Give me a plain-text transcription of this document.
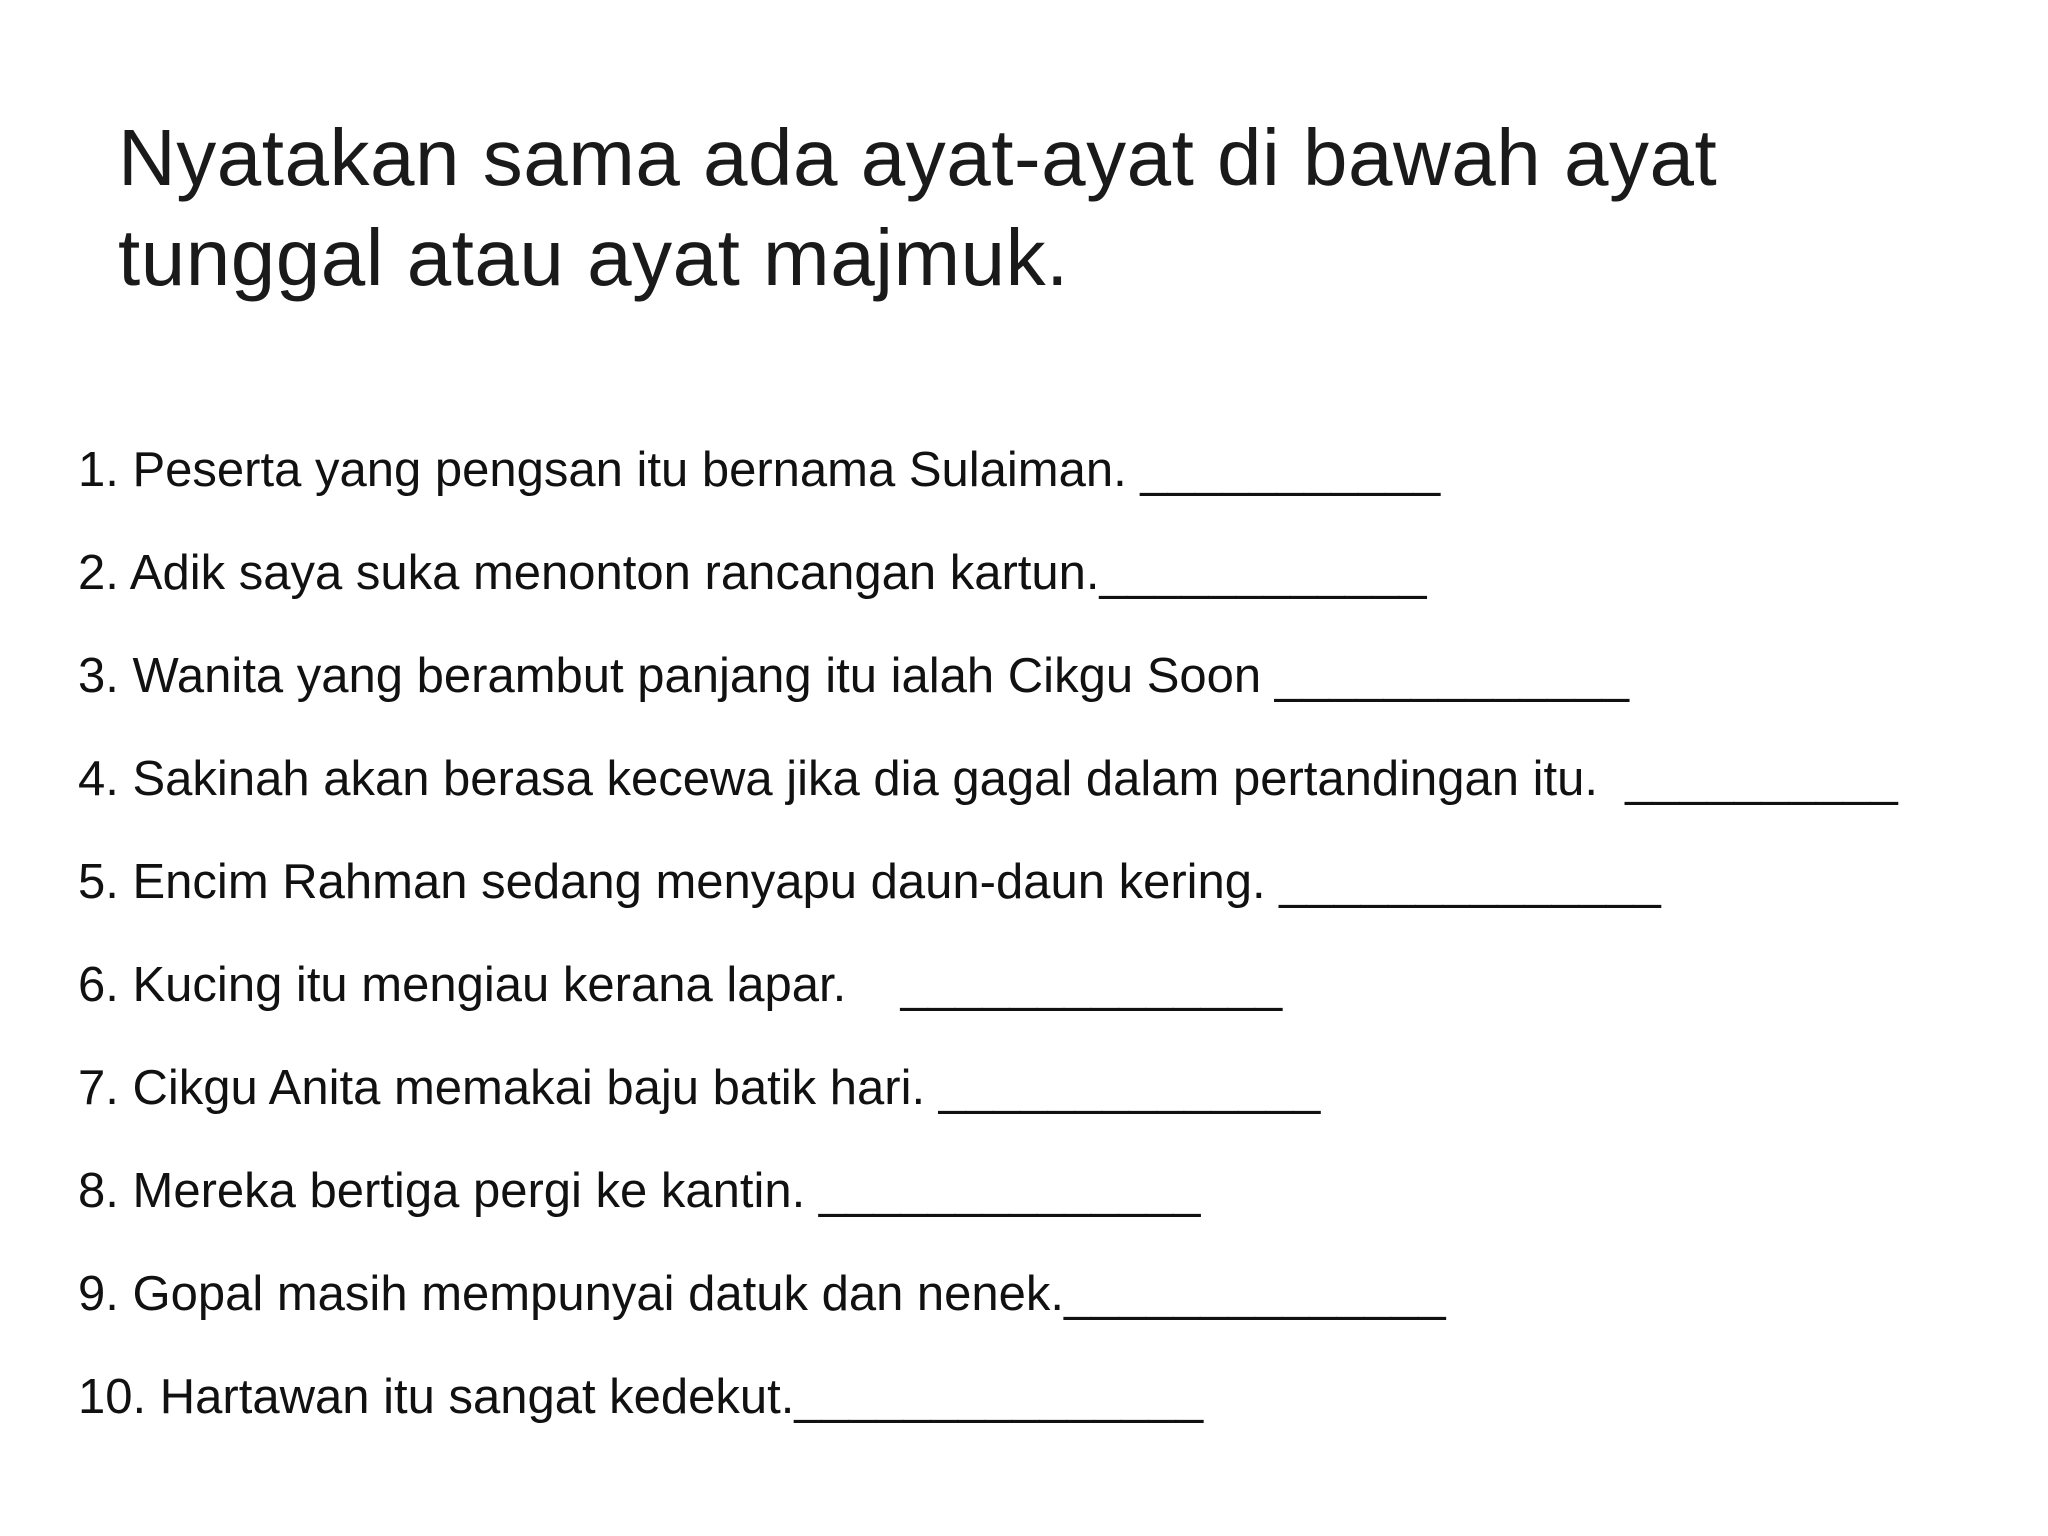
Nyatakan sama ada ayat-ayat di bawah ayat tunggal atau ayat majmuk.
1. Peserta yang pengsan itu bernama Sulaiman. ___________
2. Adik saya suka menonton rancangan kartun.____________
3. Wanita yang berambut panjang itu ialah Cikgu Soon _____________
4. Sakinah akan berasa kecewa jika dia gagal dalam pertandingan itu.  __________
5. Encim Rahman sedang menyapu daun-daun kering. ______________
6. Kucing itu mengiau kerana lapar.    ______________
7. Cikgu Anita memakai baju batik hari. ______________
8. Mereka bertiga pergi ke kantin. ______________
9. Gopal masih mempunyai datuk dan nenek.______________
10. Hartawan itu sangat kedekut._______________
